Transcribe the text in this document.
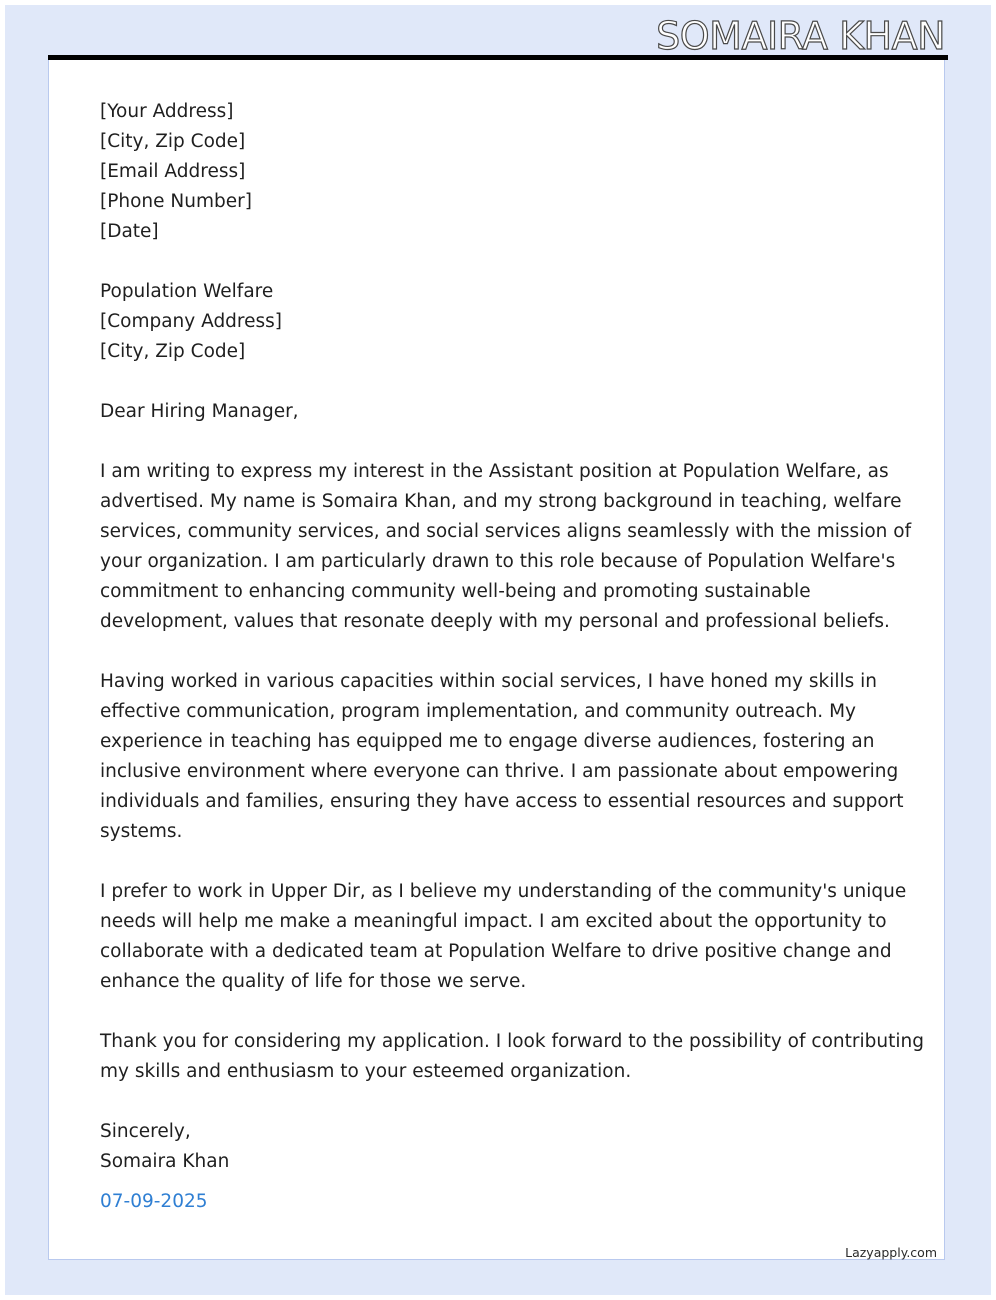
SOMAIRA KHAN
[Your Address]
[City, Zip Code]
[Email Address]
[Phone Number]
[Date]
Population Welfare
[Company Address]
[City, Zip Code]
Dear Hiring Manager,
I am writing to express my interest in the Assistant position at Population Welfare, as
advertised. My name is Somaira Khan, and my strong background in teaching, welfare
services, community services, and social services aligns seamlessly with the mission of
your organization. I am particularly drawn to this role because of Population Welfare's
commitment to enhancing community well-being and promoting sustainable
development, values that resonate deeply with my personal and professional beliefs.
Having worked in various capacities within social services, I have honed my skills in
effective communication, program implementation, and community outreach. My
experience in teaching has equipped me to engage diverse audiences, fostering an
inclusive environment where everyone can thrive. I am passionate about empowering
individuals and families, ensuring they have access to essential resources and support
systems.
I prefer to work in Upper Dir, as I believe my understanding of the community's unique
needs will help me make a meaningful impact. I am excited about the opportunity to
collaborate with a dedicated team at Population Welfare to drive positive change and
enhance the quality of life for those we serve.
Thank you for considering my application. I look forward to the possibility of contributing
my skills and enthusiasm to your esteemed organization.
Sincerely,
Somaira Khan
07-09-2025
Lazyapply.com
